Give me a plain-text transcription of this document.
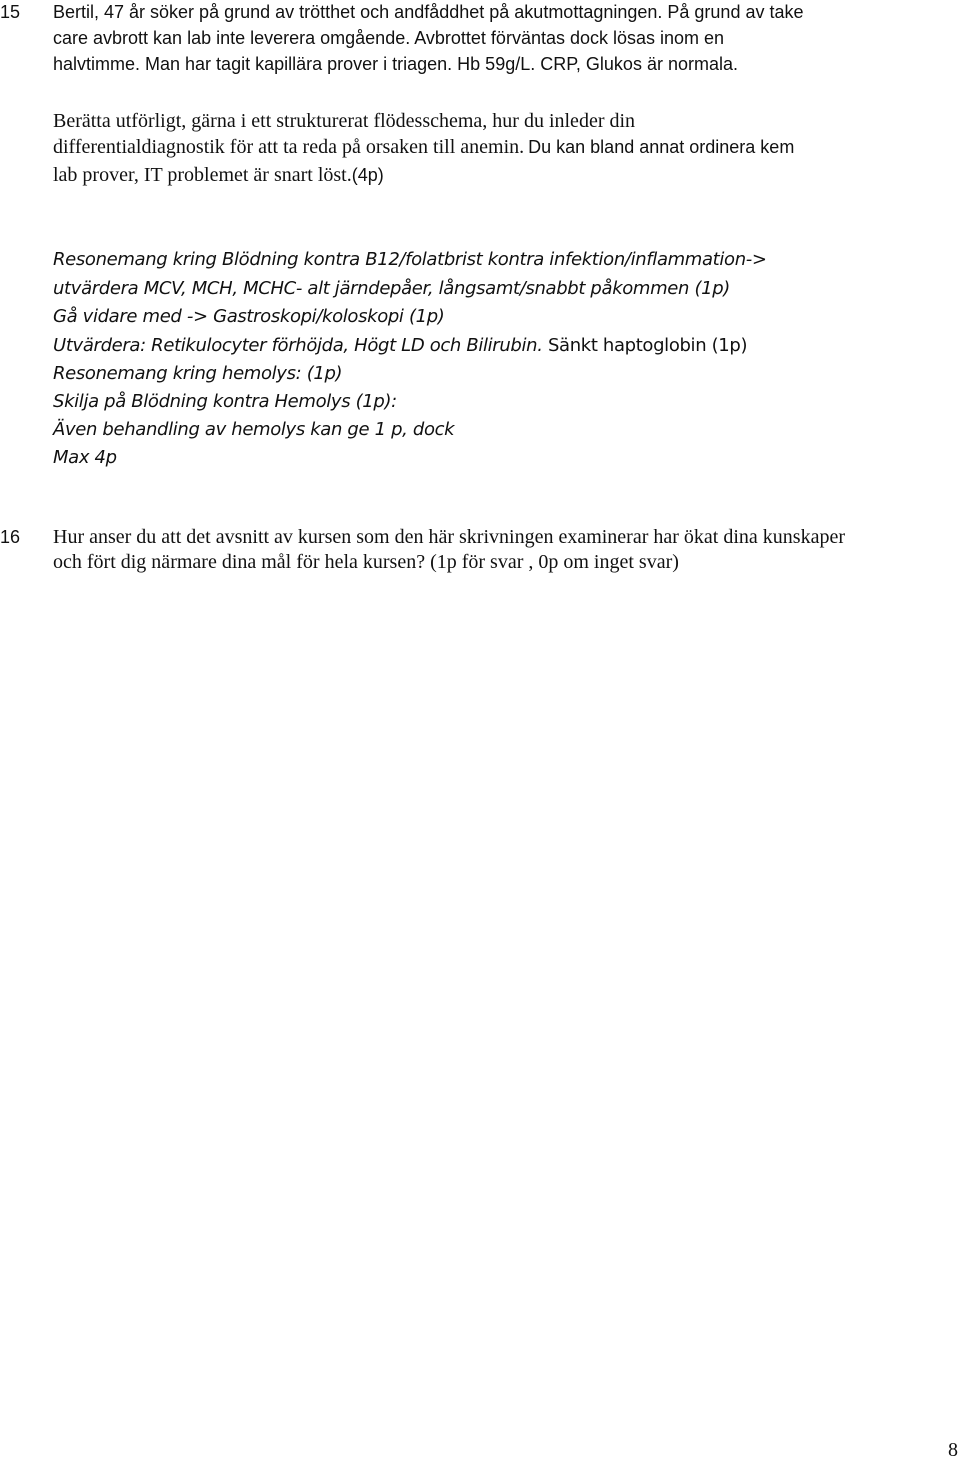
15 Bertil, 47 år söker på grund av trötthet och andfåddhet på akutmottagningen. På grund av take
care avbrott kan lab inte leverera omgående. Avbrottet förväntas dock lösas inom en
halvtimme. Man har tagit kapillära prover i triagen. Hb 59g/L. CRP, Glukos är normala.
Berätta utförligt, gärna i ett strukturerat flödesschema, hur du inleder din
differentialdiagnostik för att ta reda på orsaken till anemin. Du kan bland annat ordinera kem
lab prover, IT problemet är snart löst.(4p)
Resonemang kring Blödning kontra B12/folatbrist kontra infektion/inflammation->
utvärdera MCV, MCH, MCHC- alt järndepåer, långsamt/snabbt påkommen (1p)
Gå vidare med -> Gastroskopi/koloskopi (1p)
Utvärdera: Retikulocyter förhöjda, Högt LD och Bilirubin. Sänkt haptoglobin (1p)
Resonemang kring hemolys: (1p)
Skilja på Blödning kontra Hemolys (1p):
Även behandling av hemolys kan ge 1 p, dock
Max 4p
16 Hur anser du att det avsnitt av kursen som den här skrivningen examinerar har ökat dina kunskaper
och fört dig närmare dina mål för hela kursen? (1p för svar , 0p om inget svar)
8
